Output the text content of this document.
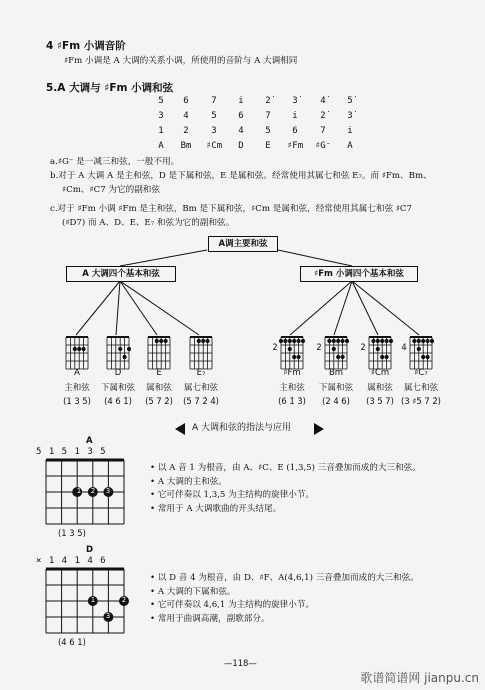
4 ♯Fm 小调音阶
♯Fm 小调是 A 大调的关系小调，所使用的音阶与 A 大调相同
5.A 大调与 ♯Fm 小调和弦
5	6	7	i	2̇	3̇	4̇	5̇
3	4	5	6	7	i	2̇	3̇
1	2	3	4	5	6	7	i
A	Bm	♯Cm	D	E	♯Fm	♯G⁻	A
a.♯G⁻ 是一减三和弦，一般不用。
b.对于 A 大调 A 是主和弦，D 是下属和弦，E 是属和弦。经常使用其属七和弦 E₇。而 ♯Fm、Bm、
♯Cm、♯C7 为它的副和弦
c.对于 ♯Fm 小调 ♯Fm 是主和弦，Bm 是下属和弦，♯Cm 是属和弦，经常使用其属七和弦 ♯C7
(♯D7) 而 A、D、E、E₇ 和弦为它的副和弦。
A调主要和弦
A 大调四个基本和弦	♯Fm 小调四个基本和弦
A
主和弦
(1 3 5)
D
下属和弦
(4 6 1̇)
E
属和弦
(5 7 2̇)
E₇
属七和弦
(5 7 2̇ 4̇)
♯Fm
主和弦
(6 1̇ 3̇)
2
Bm
下属和弦
(2 4 6)
2
♯Cm
属和弦
(3 5 7)
2
♯C₇
属七和弦
(3 ♯5 7 2̇)
4
A 大调和弦的指法与应用
A
5 1 5 1 3 5
1	2	3
(1 3 5)
• 以 A 音 1 为根音，由 A、♯C、E (1,3,5) 三音叠加而成的大三和弦。
• A 大调的主和弦。
• 它可伴奏以 1,3,5 为主结构的旋律小节。
• 常用于 A 大调歌曲的开头结尾。
D
× 1 4 1 4 6
1	2
3
(4 6 1)
• 以 D 音 4 为根音，由 D、♯F、A(4,6,1) 三音叠加而成的大三和弦。
• A 大调的下属和弦。
• 它可伴奏以 4,6,1 为主结构的旋律小节。
• 常用于曲调高潮，副歌部分。
—118—
歌谱简谱网 jianpu.cn
